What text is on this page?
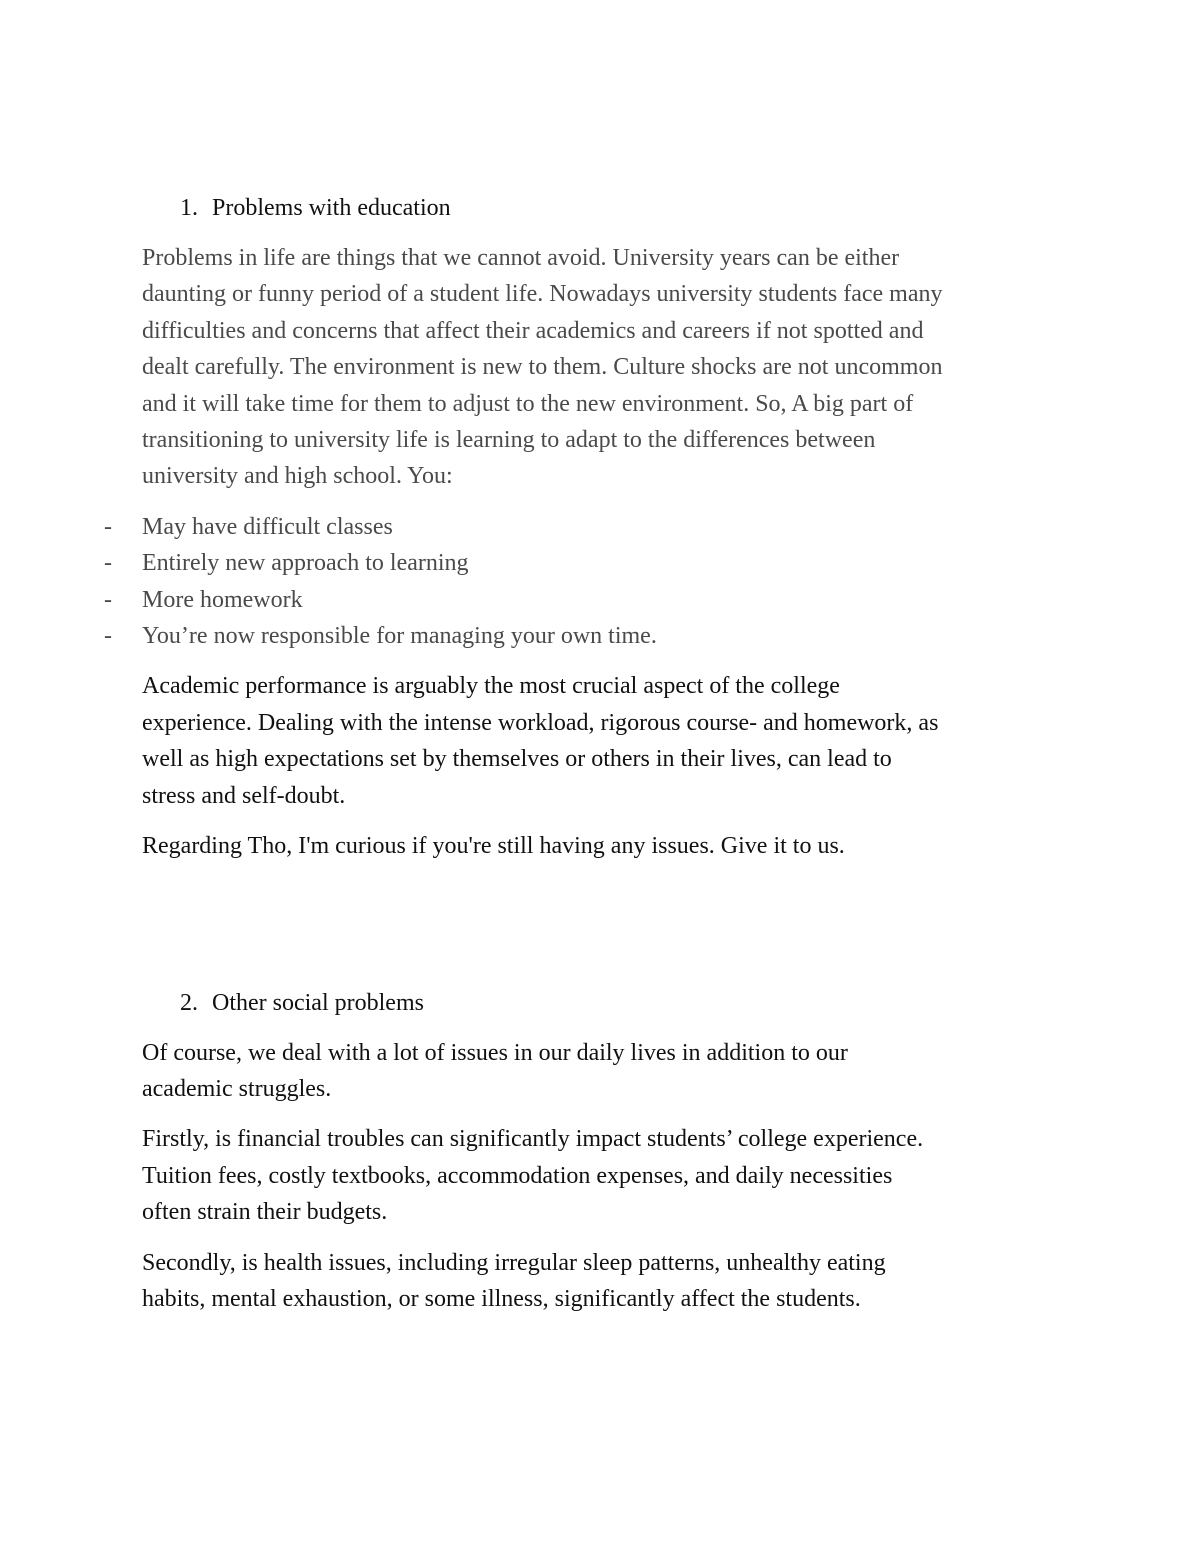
1. Problems with education
Problems in life are things that we cannot avoid. University years can be either
daunting or funny period of a student life. Nowadays university students face many
difficulties and concerns that affect their academics and careers if not spotted and
dealt carefully. The environment is new to them. Culture shocks are not uncommon
and it will take time for them to adjust to the new environment. So, A big part of
transitioning to university life is learning to adapt to the differences between
university and high school. You:
-	May have difficult classes
-	Entirely new approach to learning
-	More homework
-	You’re now responsible for managing your own time.
Academic performance is arguably the most crucial aspect of the college
experience. Dealing with the intense workload, rigorous course- and homework, as
well as high expectations set by themselves or others in their lives, can lead to
stress and self-doubt.
Regarding Tho, I'm curious if you're still having any issues. Give it to us.
2. Other social problems
Of course, we deal with a lot of issues in our daily lives in addition to our
academic struggles.
Firstly, is financial troubles can significantly impact students’ college experience.
Tuition fees, costly textbooks, accommodation expenses, and daily necessities
often strain their budgets.
Secondly, is health issues, including irregular sleep patterns, unhealthy eating
habits, mental exhaustion, or some illness, significantly affect the students.
